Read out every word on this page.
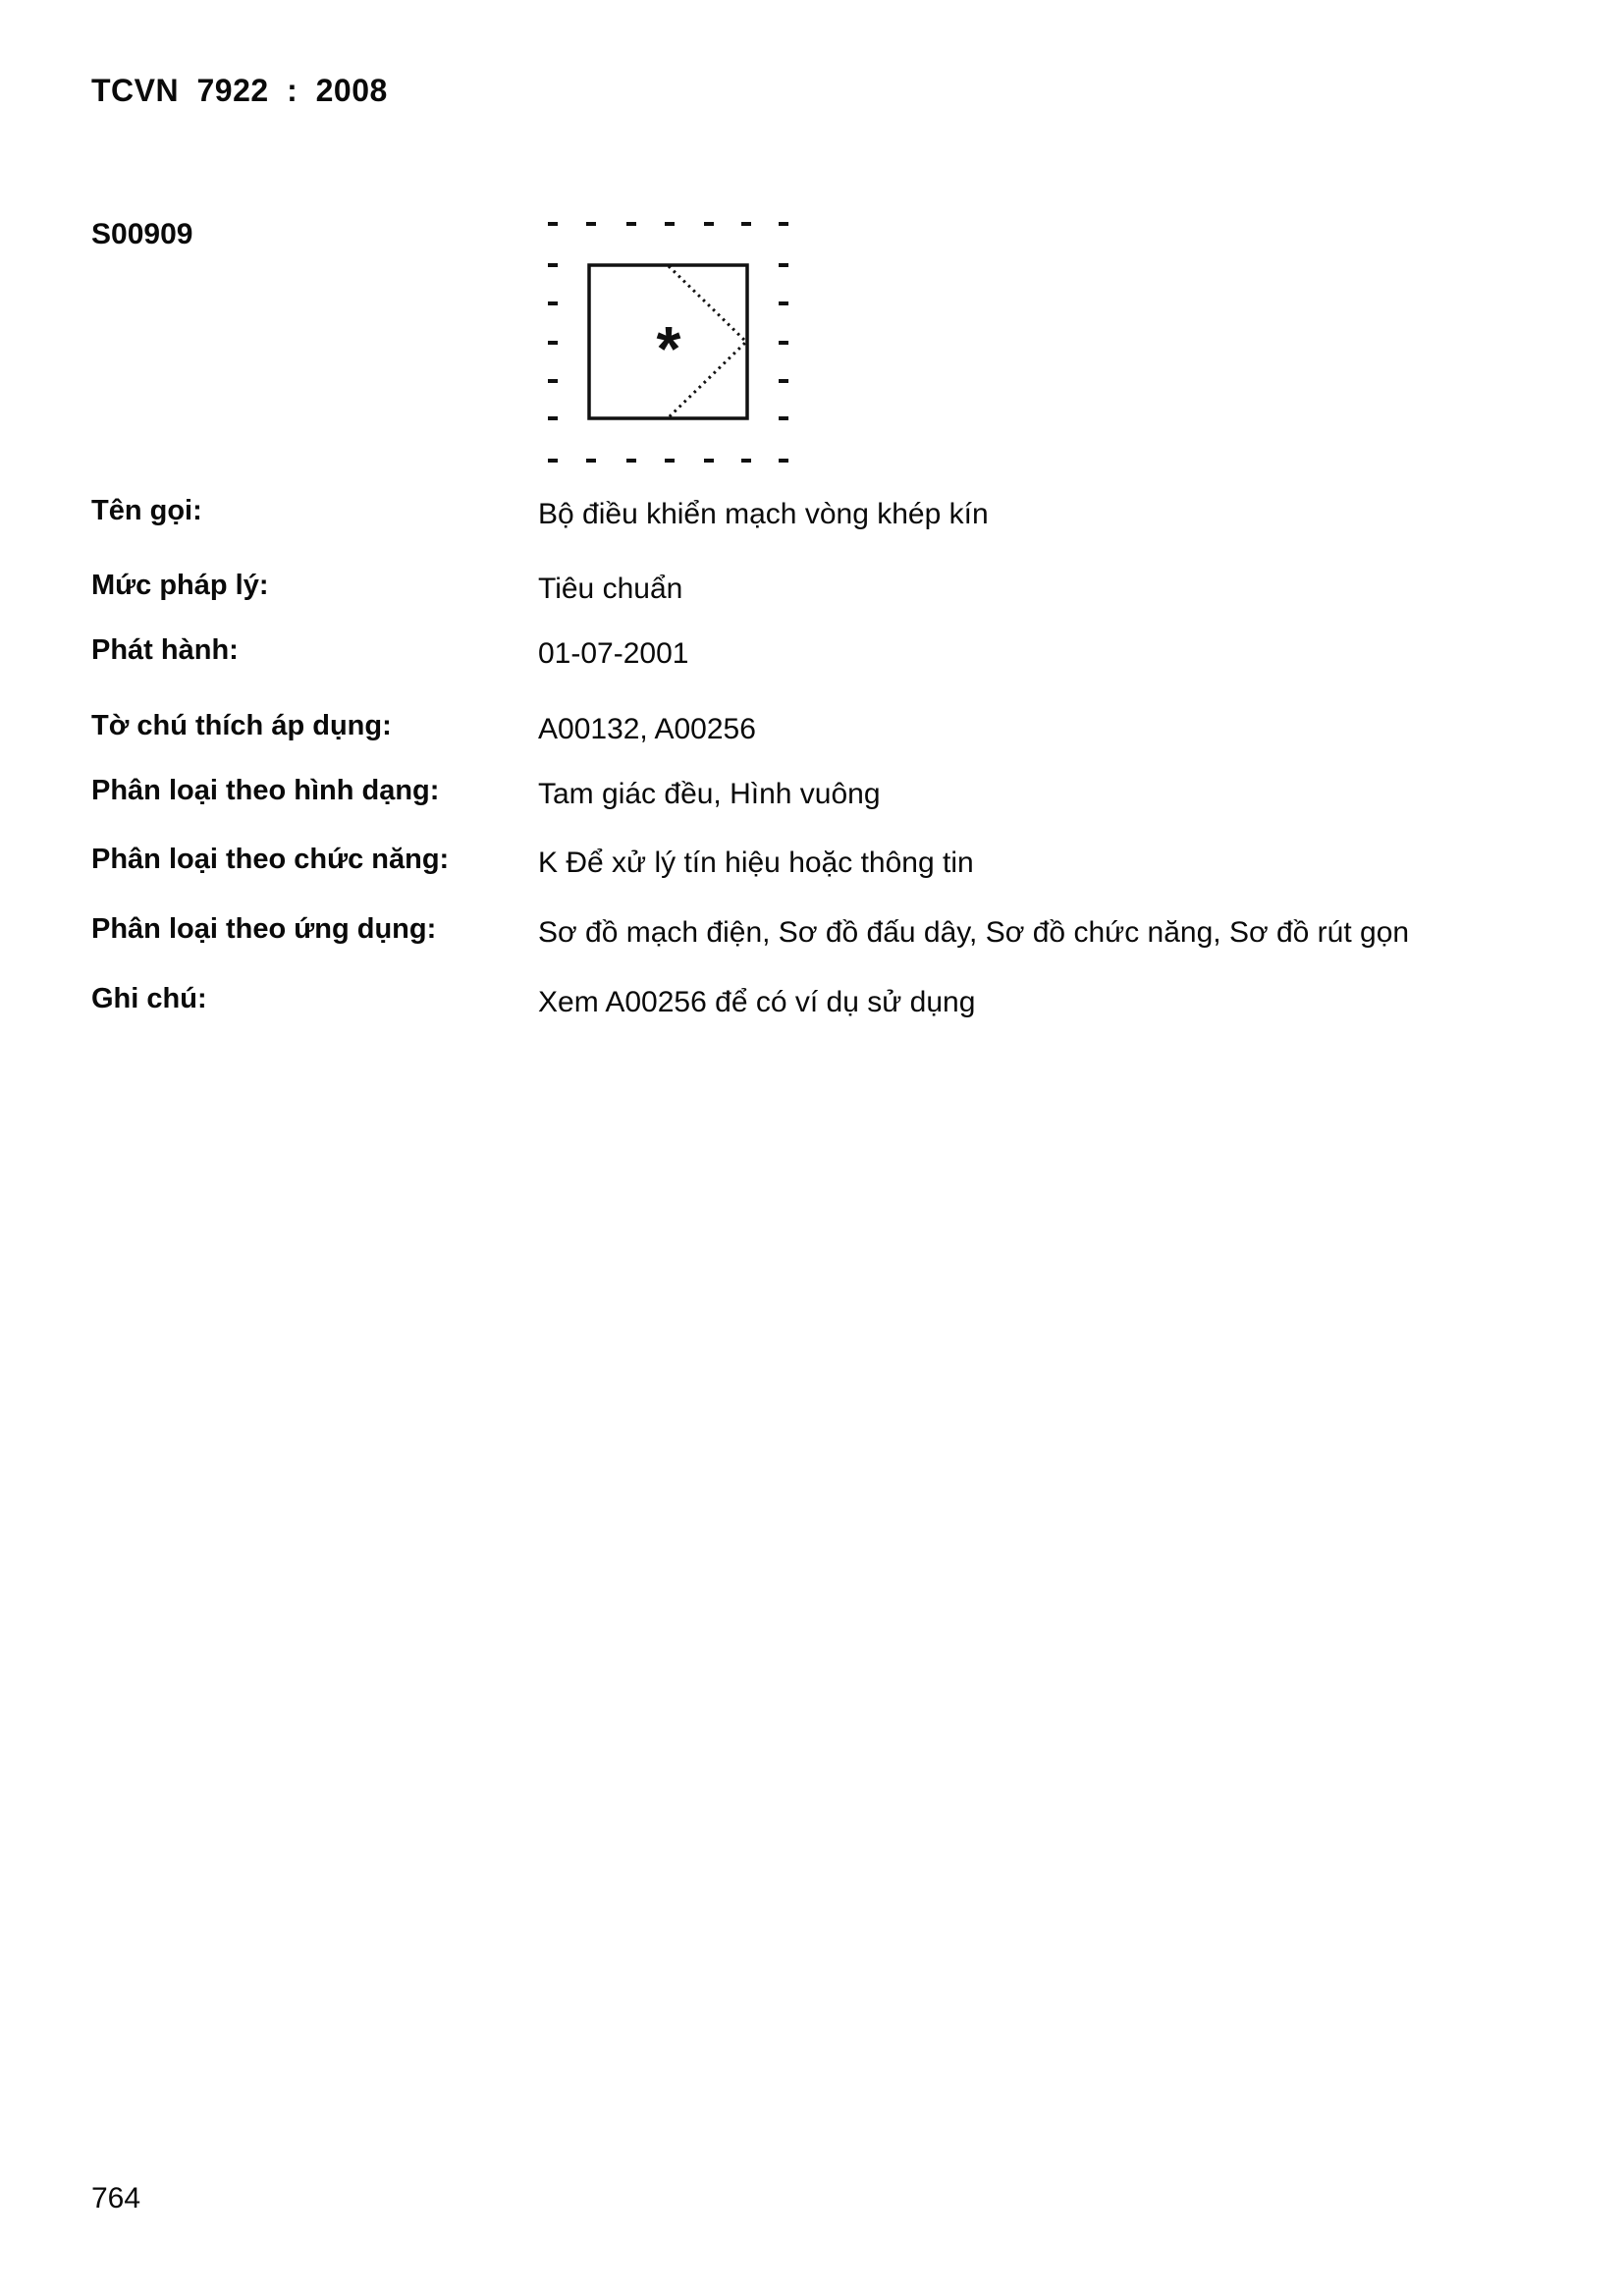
TCVN 7922 : 2008
S00909
*
Tên gọi:	Bộ điều khiển mạch vòng khép kín
Mức pháp lý:	Tiêu chuẩn
Phát hành:	01-07-2001
Tờ chú thích áp dụng:	A00132, A00256
Phân loại theo hình dạng:	Tam giác đều, Hình vuông
Phân loại theo chức năng:	K Để xử lý tín hiệu hoặc thông tin
Phân loại theo ứng dụng:	Sơ đồ mạch điện, Sơ đồ đấu dây, Sơ đồ chức năng, Sơ đồ rút gọn
Ghi chú:	Xem A00256 để có ví dụ sử dụng
764
